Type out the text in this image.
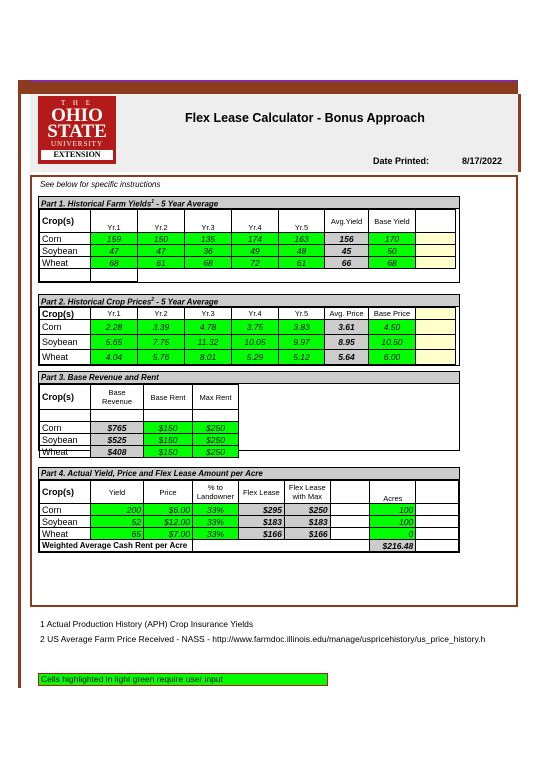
T H E
OHIO
STATE
UNIVERSITY
EXTENSION
Flex Lease Calculator - Bonus Approach
Date Printed:	8/17/2022
See below for specific instructions
Part 1. Historical Farm Yields$^1$ - 5 Year Average
Crop(s)	Yr.1	Yr.2	Yr.3	Yr.4	Yr.5	Avg.Yield	Base Yield	
Corn	159	150	135	174	163	156	170	
Soybean	47	47	36	49	48	45	50	
Wheat	68	61	68	72	61	66	68	

Part 2. Historical Crop Prices$^2$ - 5 Year Average
Crop(s)	Yr.1	Yr.2	Yr.3	Yr.4	Yr.5	Avg. Price	Base Price	
Corn	2.28	3.39	4.78	3.75	3.83	3.61	4.50	
Soybean	5.65	7.75	11.32	10.05	9.97	8.95	10.50	
Wheat	4.04	5.76	8.01	5.29	5.12	5.64	6.00	
Part 3. Base Revenue and Rent
Crop(s)	Base Revenue	Base Rent	Max Rent

Corn	$765	$150	$250
Soybean	$525	$150	$250
Wheat	$408	$150	$250
Part 4. Actual Yield, Price and Flex Lease Amount per Acre
Crop(s)	Yield	Price	% to Landowner	Flex Lease	Flex Lease with Max		Acres	
Corn	200	$6.00	33%	$295	$250		100	
Soybean	52	$12.00	33%	$183	$183		100	
Wheat	65	$7.00	33%	$166	$166		0	
Weighted Average Cash Rent per Acre							$216.48	
1 Actual Production History (APH) Crop Insurance Yields
2 US Average Farm Price Received - NASS - http://www.farmdoc.illinois.edu/manage/uspricehistory/us_price_history.h
Cells highlighted in light green require user input
